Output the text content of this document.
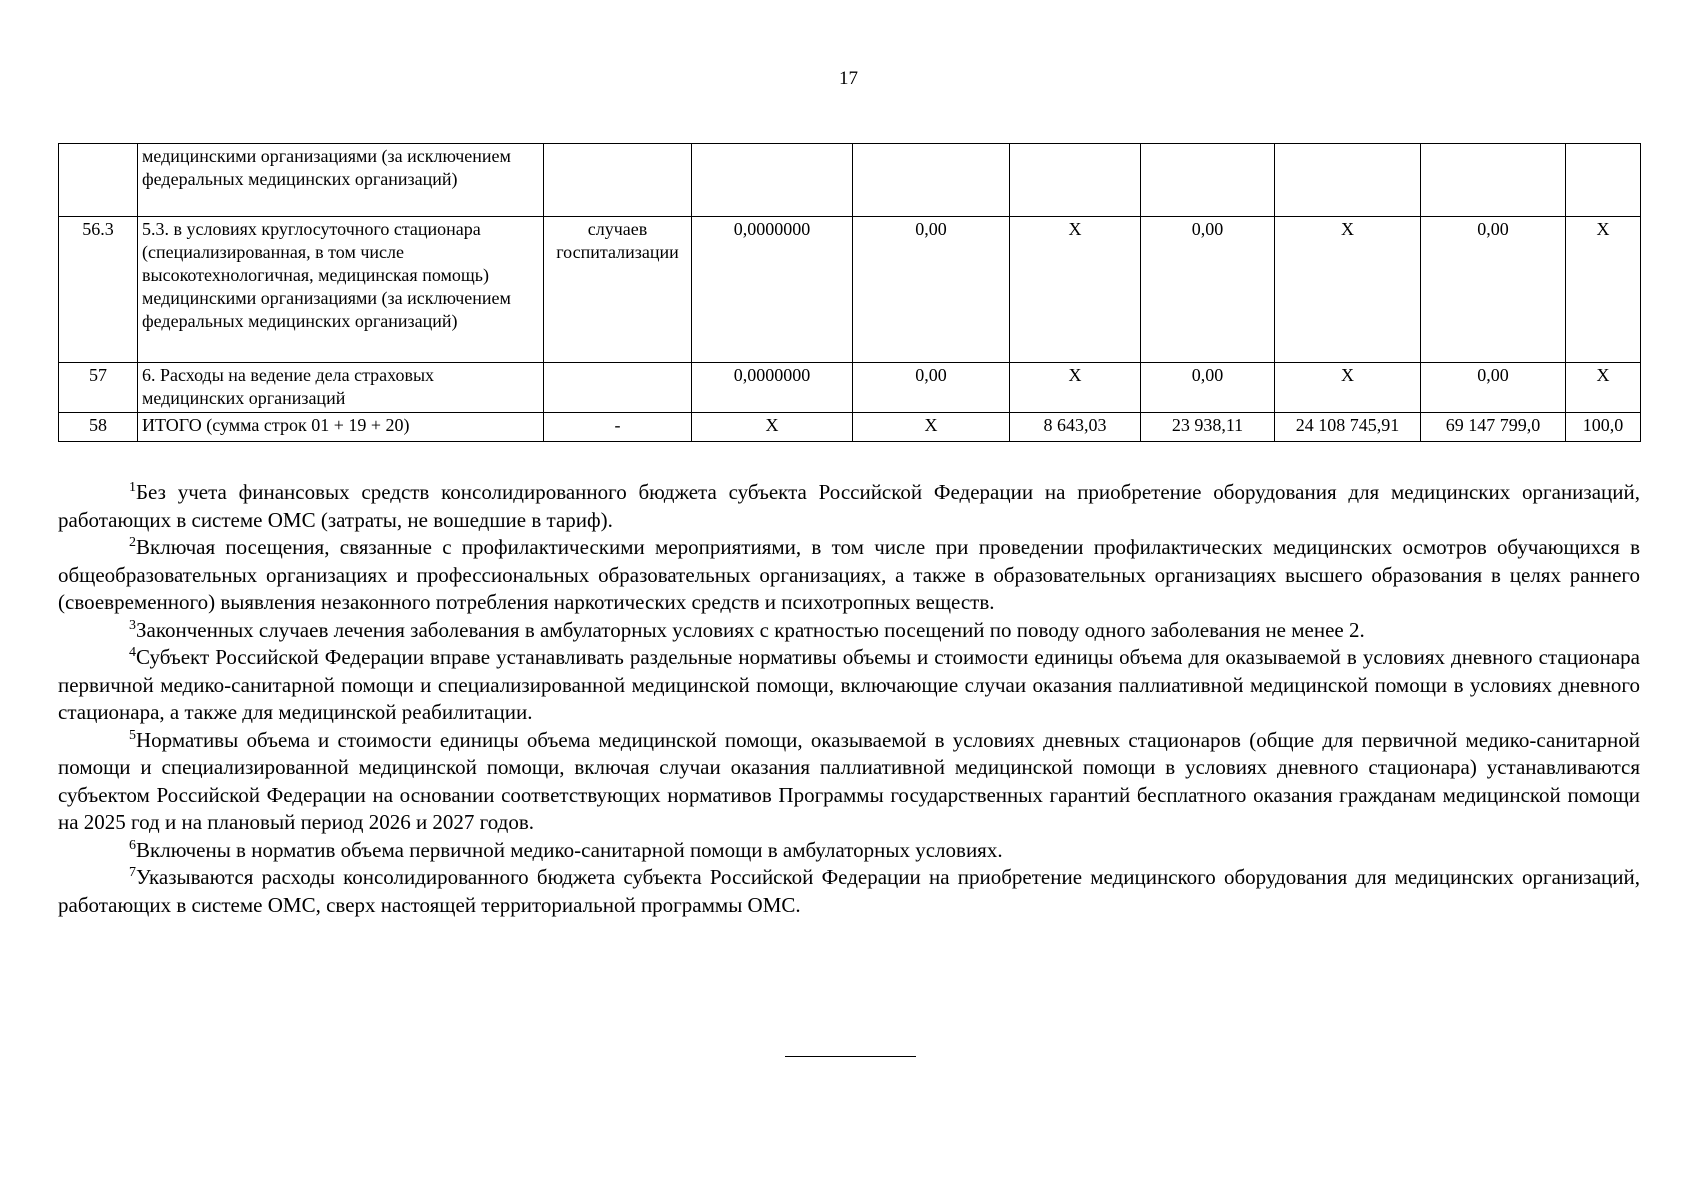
17
	медицинскими организациями (за исключением федеральных медицинских организаций)								
56.3	5.3. в условиях круглосуточного стационара (специализированная, в том числе высокотехнологичная, медицинская помощь) медицинскими организациями (за исключением федеральных медицинских организаций)	случаев госпитализации	0,0000000	0,00	X	0,00	X	0,00	X
57	6. Расходы на ведение дела страховых медицинских организаций		0,0000000	0,00	X	0,00	X	0,00	X
58	ИТОГО (сумма строк 01 + 19 + 20)	-	X	X	8 643,03	23 938,11	24 108 745,91	69 147 799,0	100,0

$^1$Без учета финансовых средств консолидированного бюджета субъекта Российской Федерации на приобретение оборудования для медицинских организаций, работающих в системе ОМС (затраты, не вошедшие в тариф).

$^2$Включая посещения, связанные с профилактическими мероприятиями, в том числе при проведении профилактических медицинских осмотров обучающихся в общеобразовательных организациях и профессиональных образовательных организациях, а также в образовательных организациях высшего образования в целях раннего (своевременного) выявления незаконного потребления наркотических средств и психотропных веществ.

$^3$Законченных случаев лечения заболевания в амбулаторных условиях с кратностью посещений по поводу одного заболевания не менее 2.

$^4$Субъект Российской Федерации вправе устанавливать раздельные нормативы объемы и стоимости единицы объема для оказываемой в условиях дневного стационара первичной медико-санитарной помощи и специализированной медицинской помощи, включающие случаи оказания паллиативной медицинской помощи в условиях дневного стационара, а также для медицинской реабилитации.

$^5$Нормативы объема и стоимости единицы объема медицинской помощи, оказываемой в условиях дневных стационаров (общие для первичной медико-санитарной помощи и специализированной медицинской помощи, включая случаи оказания паллиативной медицинской помощи в условиях дневного стационара) устанавливаются субъектом Российской Федерации на основании соответствующих нормативов Программы государственных гарантий бесплатного оказания гражданам медицинской помощи на 2025 год и на плановый период 2026 и 2027 годов.

$^6$Включены в норматив объема первичной медико-санитарной помощи в амбулаторных условиях.

$^7$Указываются расходы консолидированного бюджета субъекта Российской Федерации на приобретение медицинского оборудования для медицинских организаций, работающих в системе ОМС, сверх настоящей территориальной программы ОМС.
